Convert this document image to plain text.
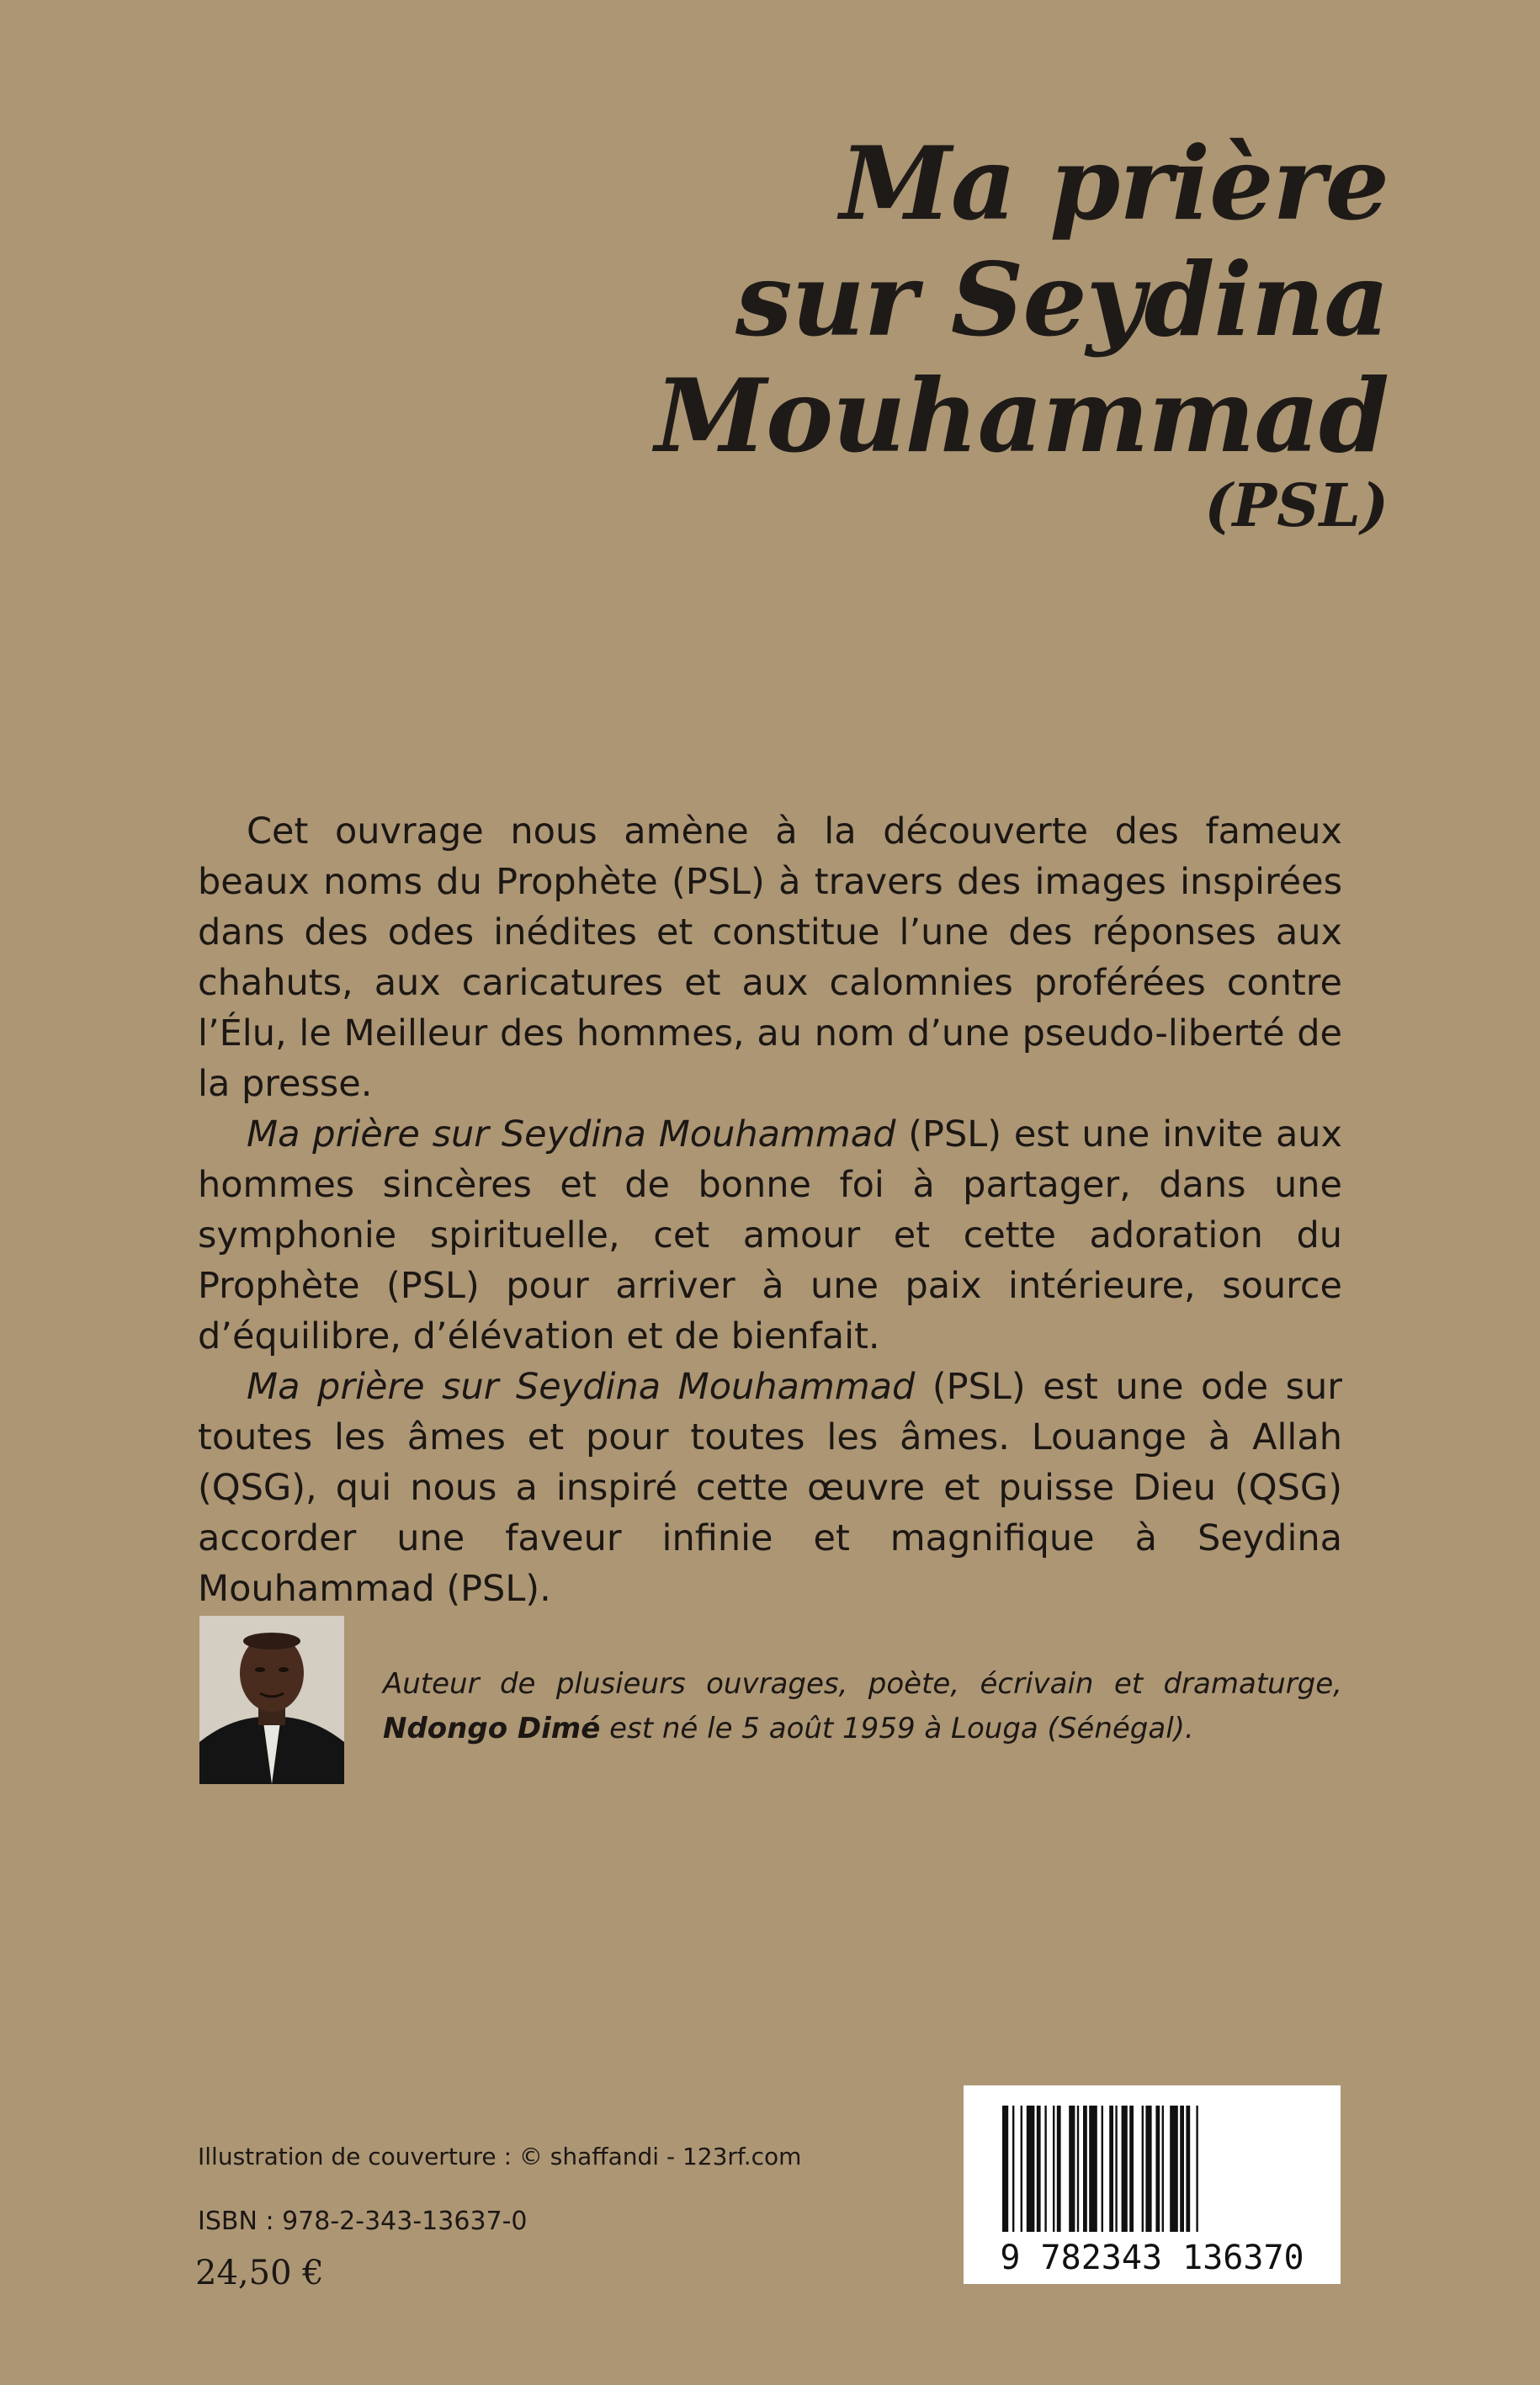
Ma prière
sur Seydina
Mouhammad
(PSL)

Cet ouvrage nous amène à la découverte des fameux beaux noms du Prophète (PSL) à travers des images inspirées dans des odes inédites et constitue l’une des réponses aux chahuts, aux caricatures et aux calomnies proférées contre l’Élu, le Meilleur des hommes, au nom d’une pseudo-liberté de la presse.

Ma prière sur Seydina Mouhammad (PSL) est une invite aux hommes sincères et de bonne foi à partager, dans une symphonie spirituelle, cet amour et cette adoration du Prophète (PSL) pour arriver à une paix intérieure, source d’équilibre, d’élévation et de bienfait.

Ma prière sur Seydina Mouhammad (PSL) est une ode sur toutes les âmes et pour toutes les âmes. Louange à Allah (QSG), qui nous a inspiré cette œuvre et puisse Dieu (QSG) accorder une faveur infinie et magnifique à Seydina Mouhammad (PSL).

Auteur de plusieurs ouvrages, poète, écrivain et dramaturge, Ndongo Dimé est né le 5 août 1959 à Louga (Sénégal).
Illustration de couverture : © shaffandi - 123rf.com
ISBN : 978-2-343-13637-0
24,50 €	9 782343 136370
